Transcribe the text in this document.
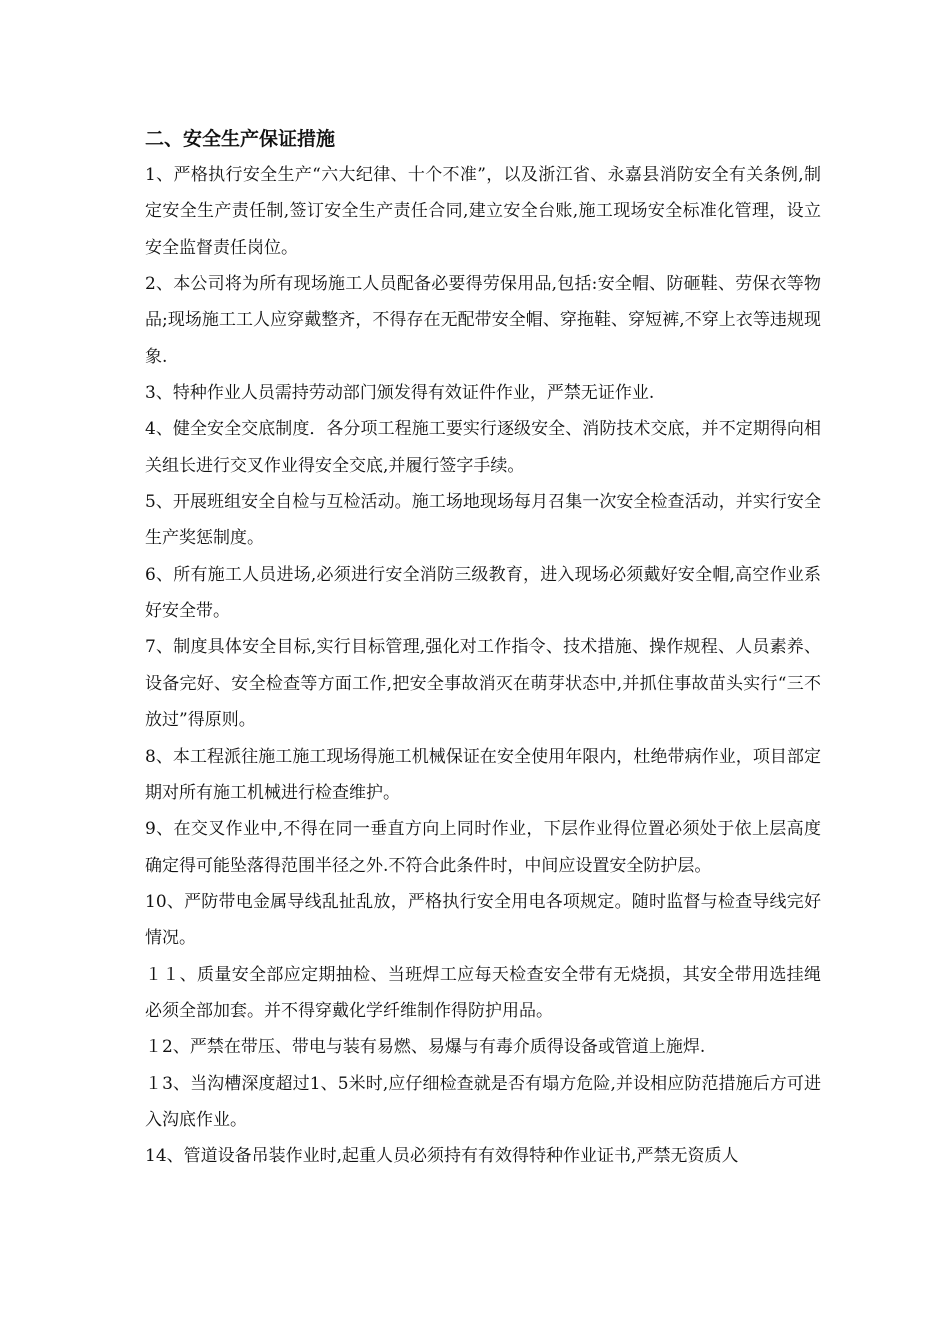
二、安全生产保证措施

1、严格执行安全生产“六大纪律、十个不准”，以及浙江省、永嘉县消防安全有关条例,制定安全生产责任制,签订安全生产责任合同,建立安全台账,施工现场安全标准化管理，设立安全监督责任岗位。

2、本公司将为所有现场施工人员配备必要得劳保用品,包括:安全帽、防砸鞋、劳保衣等物品;现场施工工人应穿戴整齐，不得存在无配带安全帽、穿拖鞋、穿短裤,不穿上衣等违规现象.

3、特种作业人员需持劳动部门颁发得有效证件作业，严禁无证作业.

4、健全安全交底制度．各分项工程施工要实行逐级安全、消防技术交底，并不定期得向相关组长进行交叉作业得安全交底,并履行签字手续。

5、开展班组安全自检与互检活动。施工场地现场每月召集一次安全检查活动，并实行安全生产奖惩制度。

6、所有施工人员进场,必须进行安全消防三级教育，进入现场必须戴好安全帽,高空作业系好安全带。

7、制度具体安全目标,实行目标管理,强化对工作指令、技术措施、操作规程、人员素养、设备完好、安全检查等方面工作,把安全事故消灭在萌芽状态中,并抓住事故苗头实行“三不放过”得原则。

8、本工程派往施工施工现场得施工机械保证在安全使用年限内，杜绝带病作业，项目部定期对所有施工机械进行检查维护。

9、在交叉作业中,不得在同一垂直方向上同时作业，下层作业得位置必须处于依上层高度确定得可能坠落得范围半径之外.不符合此条件时，中间应设置安全防护层。

10、严防带电金属导线乱扯乱放，严格执行安全用电各项规定。随时监督与检查导线完好情况。

１１、质量安全部应定期抽检、当班焊工应每天检查安全带有无烧损，其安全带用选挂绳必须全部加套。并不得穿戴化学纤维制作得防护用品。

１2、严禁在带压、带电与装有易燃、易爆与有毒介质得设备或管道上施焊.

１3、当沟槽深度超过1、5米时,应仔细检查就是否有塌方危险,并设相应防范措施后方可进入沟底作业。

14、管道设备吊装作业时,起重人员必须持有有效得特种作业证书,严禁无资质人
